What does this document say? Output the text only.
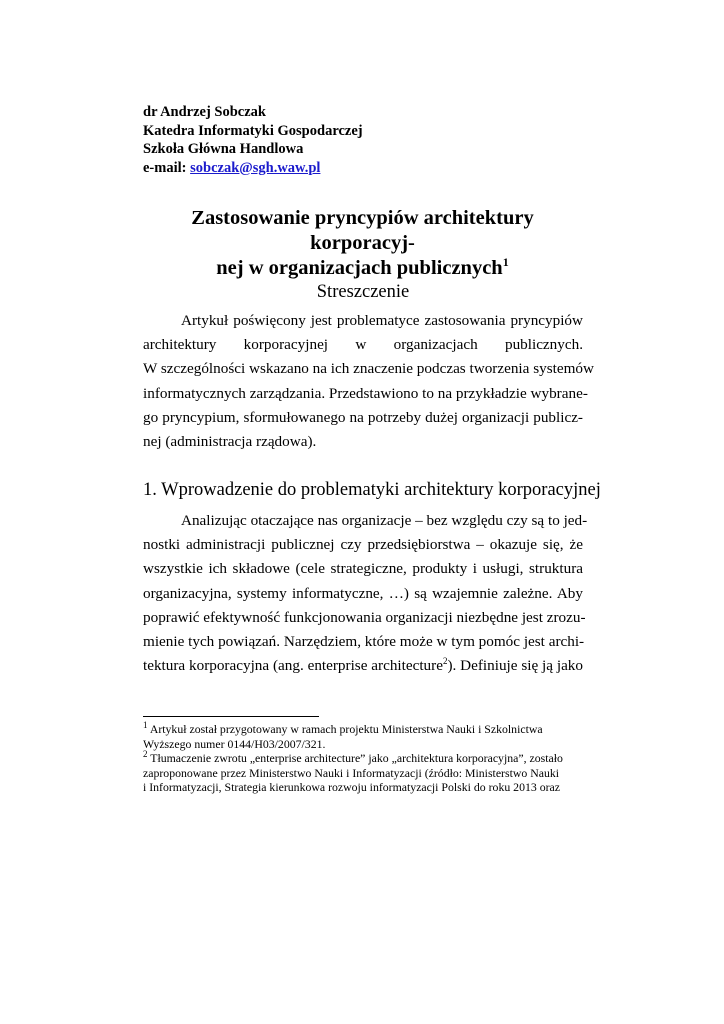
dr Andrzej Sobczak
Katedra Informatyki Gospodarczej
Szkoła Główna Handlowa
e-mail: sobczak@sgh.waw.pl
Zastosowanie pryncypiów architektury korporacyj-
nej w organizacjach publicznych$^1$
Streszczenie
Artykuł poświęcony jest problematyce zastosowania pryncypiów
architektury korporacyjnej w organizacjach publicznych.
W szczególności wskazano na ich znaczenie podczas tworzenia systemów
informatycznych zarządzania. Przedstawiono to na przykładzie wybrane-
go pryncypium, sformułowanego na potrzeby dużej organizacji publicz-
nej (administracja rządowa).
1. Wprowadzenie do problematyki architektury korporacyjnej
Analizując otaczające nas organizacje – bez względu czy są to jed-
nostki administracji publicznej czy przedsiębiorstwa – okazuje się, że
wszystkie ich składowe (cele strategiczne, produkty i usługi, struktura
organizacyjna, systemy informatyczne, …) są wzajemnie zależne. Aby
poprawić efektywność funkcjonowania organizacji niezbędne jest zrozu-
mienie tych powiązań. Narzędziem, które może w tym pomóc jest archi-
tektura korporacyjna (ang. enterprise architecture$^2$). Definiuje się ją jako
$^1$ Artykuł został przygotowany w ramach projektu Ministerstwa Nauki i Szkolnictwa
Wyższego numer 0144/H03/2007/321.
$^2$ Tłumaczenie zwrotu „enterprise architecture” jako „architektura korporacyjna”, zostało
zaproponowane przez Ministerstwo Nauki i Informatyzacji (źródło: Ministerstwo Nauki
i Informatyzacji, Strategia kierunkowa rozwoju informatyzacji Polski do roku 2013 oraz
